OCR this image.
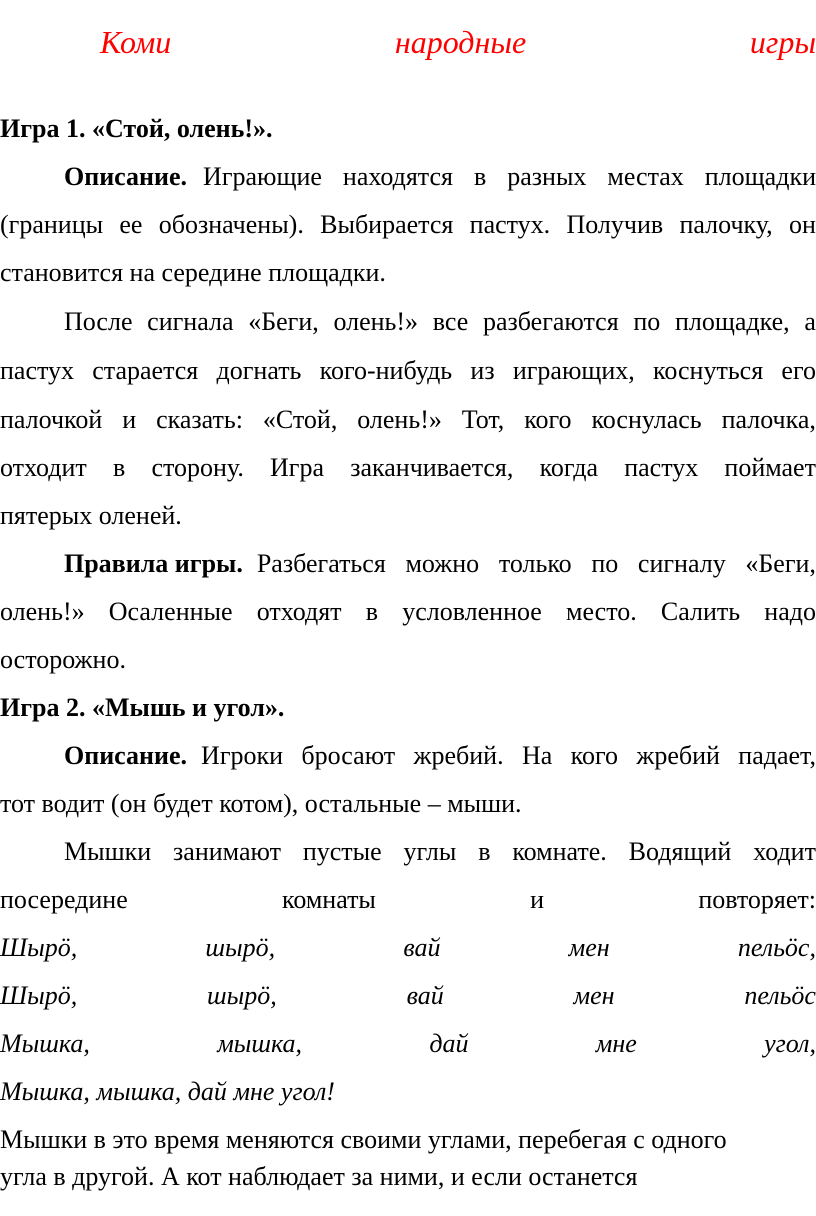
Коми	народные	игры
Игра 1. «Стой, олень!».
Описание. Играющие находятся в разных местах площадки
(границы ее обозначены). Выбирается пастух. Получив палочку, он
становится на середине площадки.
После сигнала «Беги, олень!» все разбегаются по площадке, а
пастух старается догнать кого-нибудь из играющих, коснуться его
палочкой и сказать: «Стой, олень!» Тот, кого коснулась палочка,
отходит в сторону. Игра заканчивается, когда пастух поймает
пятерых оленей.
Правила игры. Разбегаться можно только по сигналу «Беги,
олень!» Осаленные отходят в условленное место. Салить надо
осторожно.
Игра 2. «Мышь и угол».
Описание. Игроки бросают жребий. На кого жребий падает,
тот водит (он будет котом), остальные – мыши.
Мышки занимают пустые углы в комнате. Водящий ходит
посередине	комнаты	и	повторяет:
Шырӧ,	шырӧ,	вай	мен	пельӧс,
Шырӧ,	шырӧ,	вай	мен	пельӧс
Мышка,	мышка,	дай	мне	угол,
Мышка, мышка, дай мне угол!
Мышки в это время меняются своими углами, перебегая с одного
угла в другой. А кот наблюдает за ними, и если останется
